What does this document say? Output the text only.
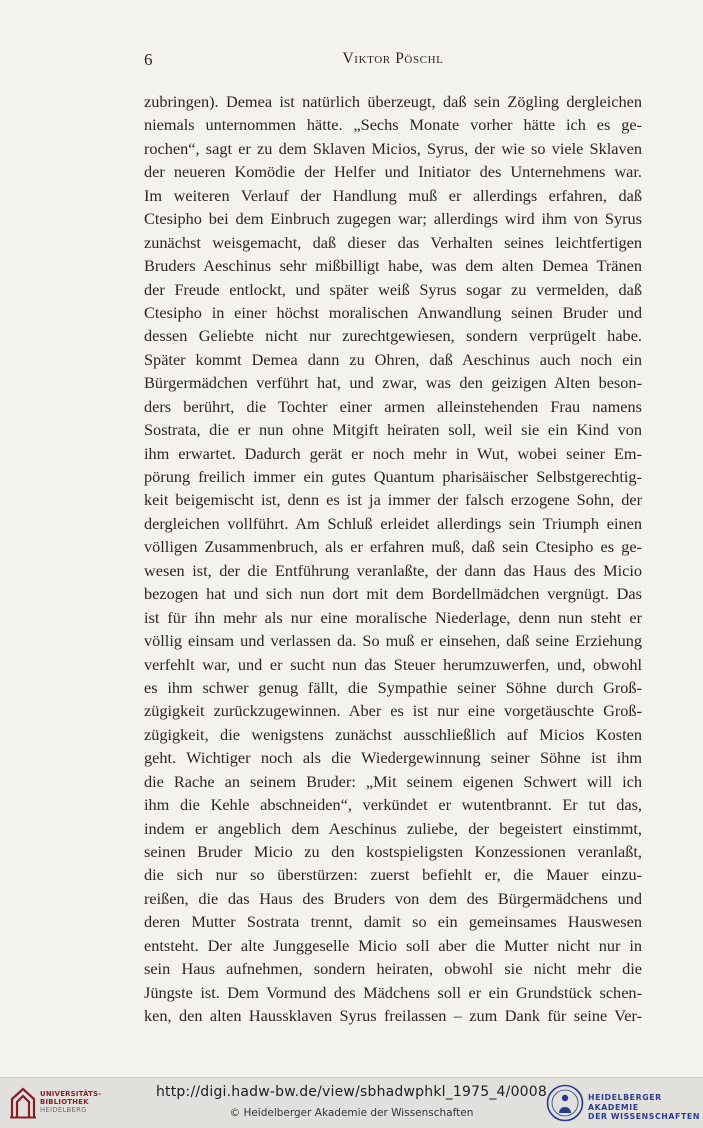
6	Viktor Pöschl
zubringen). Demea ist natürlich überzeugt, daß sein Zögling dergleichen
niemals unternommen hätte. „Sechs Monate vorher hätte ich es ge-
rochen“, sagt er zu dem Sklaven Micios, Syrus, der wie so viele Sklaven
der neueren Komödie der Helfer und Initiator des Unternehmens war.
Im weiteren Verlauf der Handlung muß er allerdings erfahren, daß
Ctesipho bei dem Einbruch zugegen war; allerdings wird ihm von Syrus
zunächst weisgemacht, daß dieser das Verhalten seines leichtfertigen
Bruders Aeschinus sehr mißbilligt habe, was dem alten Demea Tränen
der Freude entlockt, und später weiß Syrus sogar zu vermelden, daß
Ctesipho in einer höchst moralischen Anwandlung seinen Bruder und
dessen Geliebte nicht nur zurechtgewiesen, sondern verprügelt habe.
Später kommt Demea dann zu Ohren, daß Aeschinus auch noch ein
Bürgermädchen verführt hat, und zwar, was den geizigen Alten beson-
ders berührt, die Tochter einer armen alleinstehenden Frau namens
Sostrata, die er nun ohne Mitgift heiraten soll, weil sie ein Kind von
ihm erwartet. Dadurch gerät er noch mehr in Wut, wobei seiner Em-
pörung freilich immer ein gutes Quantum pharisäischer Selbstgerechtig-
keit beigemischt ist, denn es ist ja immer der falsch erzogene Sohn, der
dergleichen vollführt. Am Schluß erleidet allerdings sein Triumph einen
völligen Zusammenbruch, als er erfahren muß, daß sein Ctesipho es ge-
wesen ist, der die Entführung veranlaßte, der dann das Haus des Micio
bezogen hat und sich nun dort mit dem Bordellmädchen vergnügt. Das
ist für ihn mehr als nur eine moralische Niederlage, denn nun steht er
völlig einsam und verlassen da. So muß er einsehen, daß seine Erziehung
verfehlt war, und er sucht nun das Steuer herumzuwerfen, und, obwohl
es ihm schwer genug fällt, die Sympathie seiner Söhne durch Groß-
zügigkeit zurückzugewinnen. Aber es ist nur eine vorgetäuschte Groß-
zügigkeit, die wenigstens zunächst ausschließlich auf Micios Kosten
geht. Wichtiger noch als die Wiedergewinnung seiner Söhne ist ihm
die Rache an seinem Bruder: „Mit seinem eigenen Schwert will ich
ihm die Kehle abschneiden“, verkündet er wutentbrannt. Er tut das,
indem er angeblich dem Aeschinus zuliebe, der begeistert einstimmt,
seinen Bruder Micio zu den kostspieligsten Konzessionen veranlaßt,
die sich nur so überstürzen: zuerst befiehlt er, die Mauer einzu-
reißen, die das Haus des Bruders von dem des Bürgermädchens und
deren Mutter Sostrata trennt, damit so ein gemeinsames Hauswesen
entsteht. Der alte Junggeselle Micio soll aber die Mutter nicht nur in
sein Haus aufnehmen, sondern heiraten, obwohl sie nicht mehr die
Jüngste ist. Dem Vormund des Mädchens soll er ein Grundstück schen-
ken, den alten Haussklaven Syrus freilassen – zum Dank für seine Ver-
UNIVERSITÄTS-
BIBLIOTHEK
HEIDELBERG
http://digi.hadw-bw.de/view/sbhadwphkl_1975_4/0008
© Heidelberger Akademie der Wissenschaften
HEIDELBERGER AKADEMIE
DER WISSENSCHAFTEN
